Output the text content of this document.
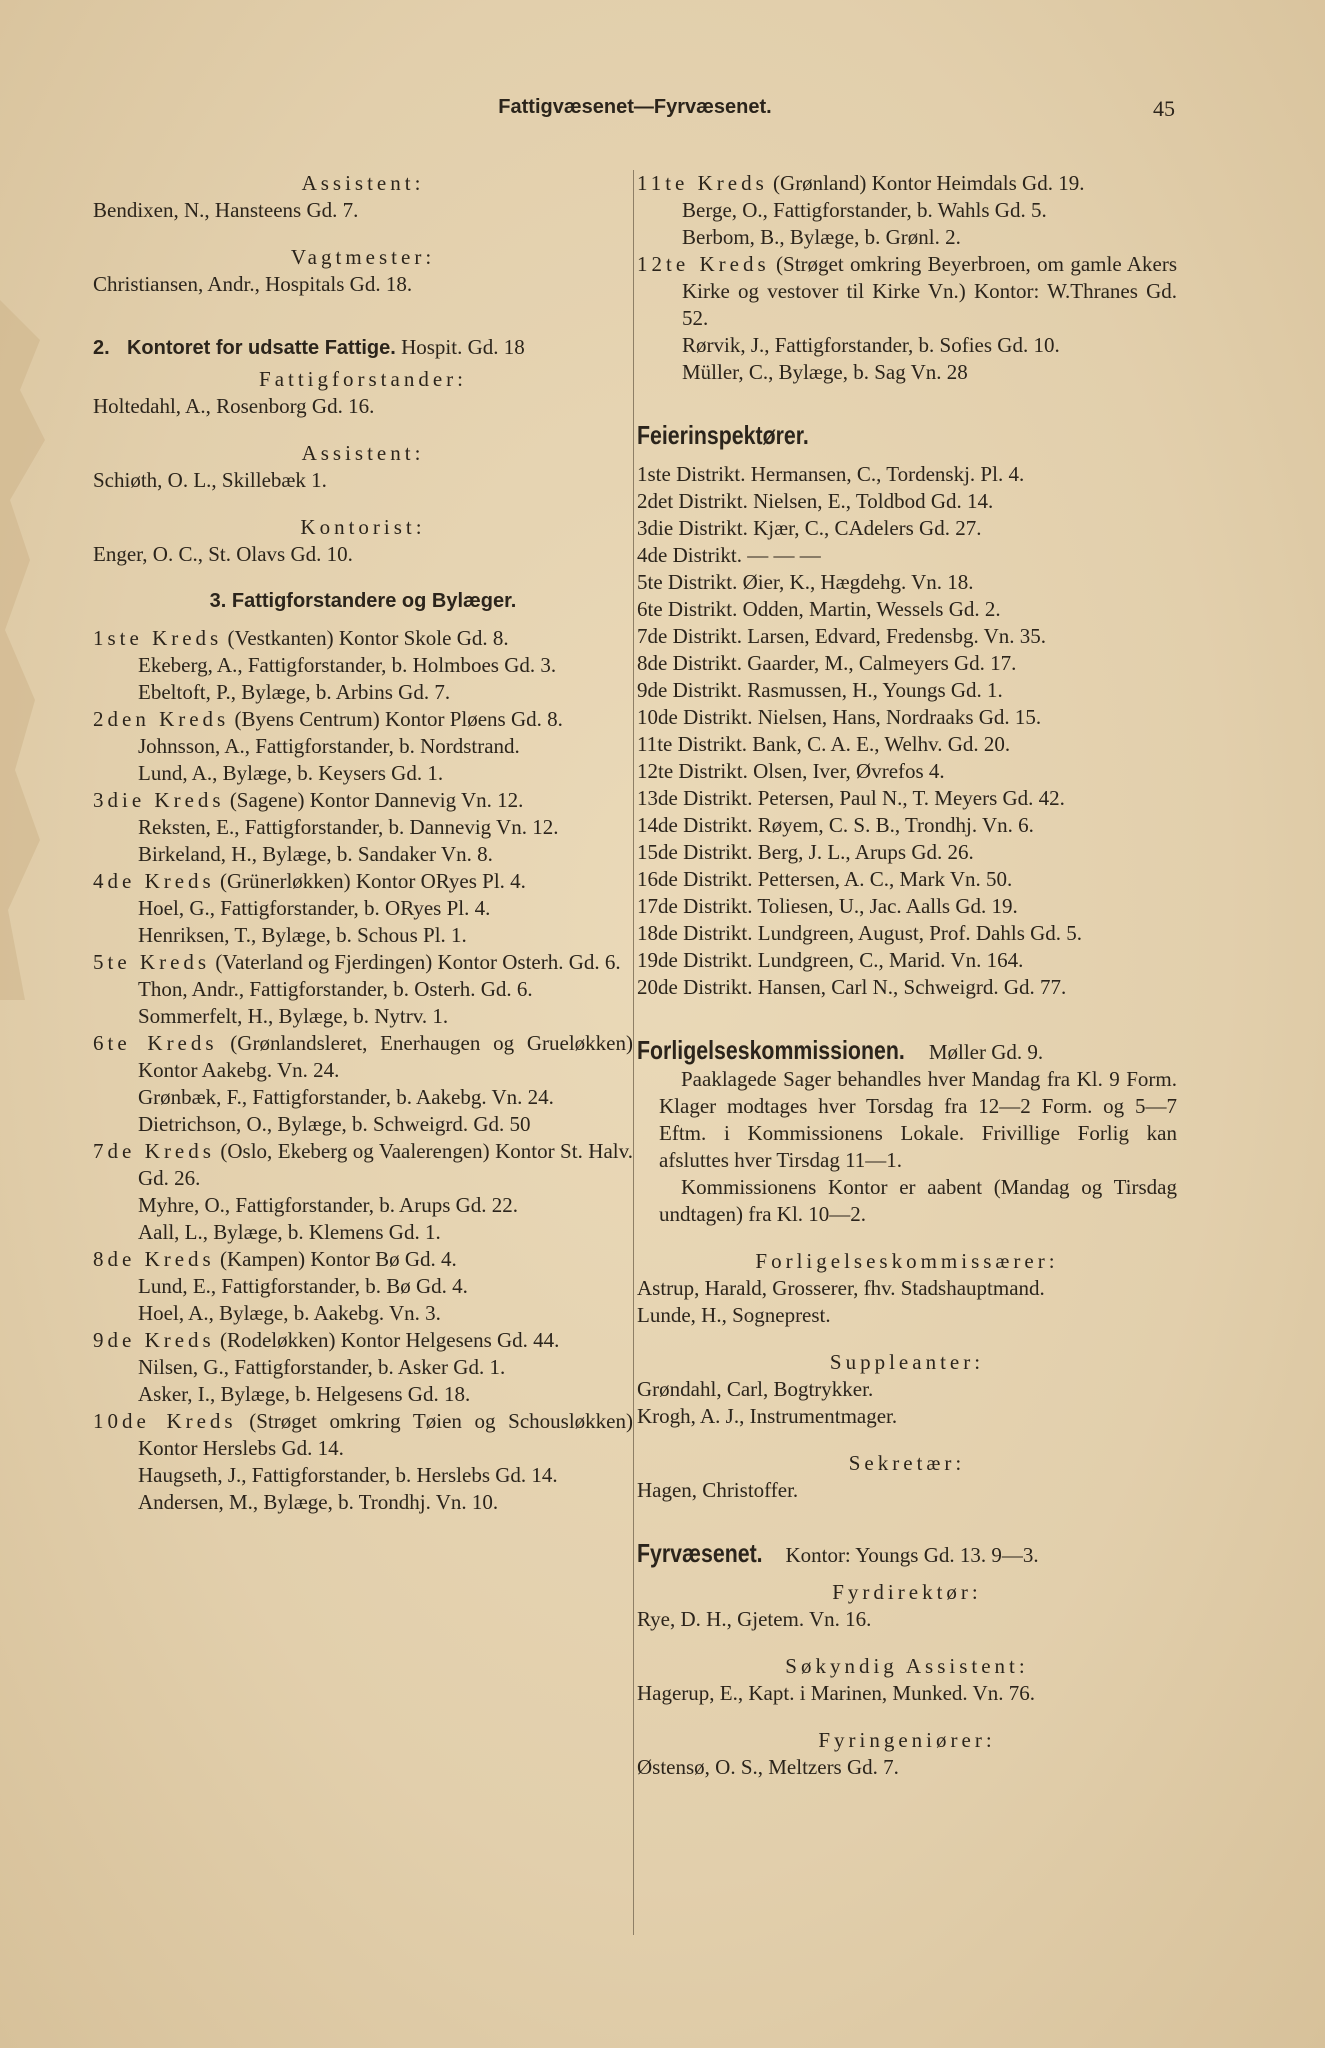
Fattigvæsenet—Fyrvæsenet.	45
Assistent:
Bendixen, N., Hansteens Gd. 7.
Vagtmester:
Christiansen, Andr., Hospitals Gd. 18.
2. Kontoret for udsatte Fattige. Hospit. Gd. 18
Fattigforstander:
Holtedahl, A., Rosenborg Gd. 16.
Assistent:
Schiøth, O. L., Skillebæk 1.
Kontorist:
Enger, O. C., St. Olavs Gd. 10.
3. Fattigforstandere og Bylæger.
1ste Kreds (Vestkanten) Kontor Skole Gd. 8.
Ekeberg, A., Fattigforstander, b. Holmboes Gd. 3.
Ebeltoft, P., Bylæge, b. Arbins Gd. 7.
2den Kreds (Byens Centrum) Kontor Pløens Gd. 8.
Johnsson, A., Fattigforstander, b. Nordstrand.
Lund, A., Bylæge, b. Keysers Gd. 1.
3die Kreds (Sagene) Kontor Dannevig Vn. 12.
Reksten, E., Fattigforstander, b. Dannevig Vn. 12.
Birkeland, H., Bylæge, b. Sandaker Vn. 8.
4de Kreds (Grünerløkken) Kontor ORyes Pl. 4.
Hoel, G., Fattigforstander, b. ORyes Pl. 4.
Henriksen, T., Bylæge, b. Schous Pl. 1.
5te Kreds (Vaterland og Fjerdingen) Kontor Osterh. Gd. 6.
Thon, Andr., Fattigforstander, b. Osterh. Gd. 6.
Sommerfelt, H., Bylæge, b. Nytrv. 1.
6te Kreds (Grønlandsleret, Enerhaugen og Grueløkken) Kontor Aakebg. Vn. 24.
Grønbæk, F., Fattigforstander, b. Aakebg. Vn. 24.
Dietrichson, O., Bylæge, b. Schweigrd. Gd. 50
7de Kreds (Oslo, Ekeberg og Vaalerengen) Kontor St. Halv. Gd. 26.
Myhre, O., Fattigforstander, b. Arups Gd. 22.
Aall, L., Bylæge, b. Klemens Gd. 1.
8de Kreds (Kampen) Kontor Bø Gd. 4.
Lund, E., Fattigforstander, b. Bø Gd. 4.
Hoel, A., Bylæge, b. Aakebg. Vn. 3.
9de Kreds (Rodeløkken) Kontor Helgesens Gd. 44.
Nilsen, G., Fattigforstander, b. Asker Gd. 1.
Asker, I., Bylæge, b. Helgesens Gd. 18.
10de Kreds (Strøget omkring Tøien og Schousløkken) Kontor Herslebs Gd. 14.
Haugseth, J., Fattigforstander, b. Herslebs Gd. 14.
Andersen, M., Bylæge, b. Trondhj. Vn. 10.
11te Kreds (Grønland) Kontor Heimdals Gd. 19.
Berge, O., Fattigforstander, b. Wahls Gd. 5.
Berbom, B., Bylæge, b. Grønl. 2.
12te Kreds (Strøget omkring Beyerbroen, om gamle Akers Kirke og vestover til Kirke Vn.) Kontor: W.Thranes Gd. 52.
Rørvik, J., Fattigforstander, b. Sofies Gd. 10.
Müller, C., Bylæge, b. Sag Vn. 28
Feierinspektører.
1ste Distrikt. Hermansen, C., Tordenskj. Pl. 4.
2det Distrikt. Nielsen, E., Toldbod Gd. 14.
3die Distrikt. Kjær, C., CAdelers Gd. 27.
4de Distrikt. — — —
5te Distrikt. Øier, K., Hægdehg. Vn. 18.
6te Distrikt. Odden, Martin, Wessels Gd. 2.
7de Distrikt. Larsen, Edvard, Fredensbg. Vn. 35.
8de Distrikt. Gaarder, M., Calmeyers Gd. 17.
9de Distrikt. Rasmussen, H., Youngs Gd. 1.
10de Distrikt. Nielsen, Hans, Nordraaks Gd. 15.
11te Distrikt. Bank, C. A. E., Welhv. Gd. 20.
12te Distrikt. Olsen, Iver, Øvrefos 4.
13de Distrikt. Petersen, Paul N., T. Meyers Gd. 42.
14de Distrikt. Røyem, C. S. B., Trondhj. Vn. 6.
15de Distrikt. Berg, J. L., Arups Gd. 26.
16de Distrikt. Pettersen, A. C., Mark Vn. 50.
17de Distrikt. Toliesen, U., Jac. Aalls Gd. 19.
18de Distrikt. Lundgreen, August, Prof. Dahls Gd. 5.
19de Distrikt. Lundgreen, C., Marid. Vn. 164.
20de Distrikt. Hansen, Carl N., Schweigrd. Gd. 77.
Forligelseskommissionen. Møller Gd. 9.
Paaklagede Sager behandles hver Mandag fra Kl. 9 Form. Klager modtages hver Torsdag fra 12—2 Form. og 5—7 Eftm. i Kommissionens Lokale. Frivillige Forlig kan afsluttes hver Tirsdag 11—1.
Kommissionens Kontor er aabent (Mandag og Tirsdag undtagen) fra Kl. 10—2.
Forligelseskommissærer:
Astrup, Harald, Grosserer, fhv. Stadshauptmand.
Lunde, H., Sogneprest.
Suppleanter:
Grøndahl, Carl, Bogtrykker.
Krogh, A. J., Instrumentmager.
Sekretær:
Hagen, Christoffer.
Fyrvæsenet. Kontor: Youngs Gd. 13. 9—3.
Fyrdirektør:
Rye, D. H., Gjetem. Vn. 16.
Søkyndig Assistent:
Hagerup, E., Kapt. i Marinen, Munked. Vn. 76.
Fyringeniører:
Østensø, O. S., Meltzers Gd. 7.
